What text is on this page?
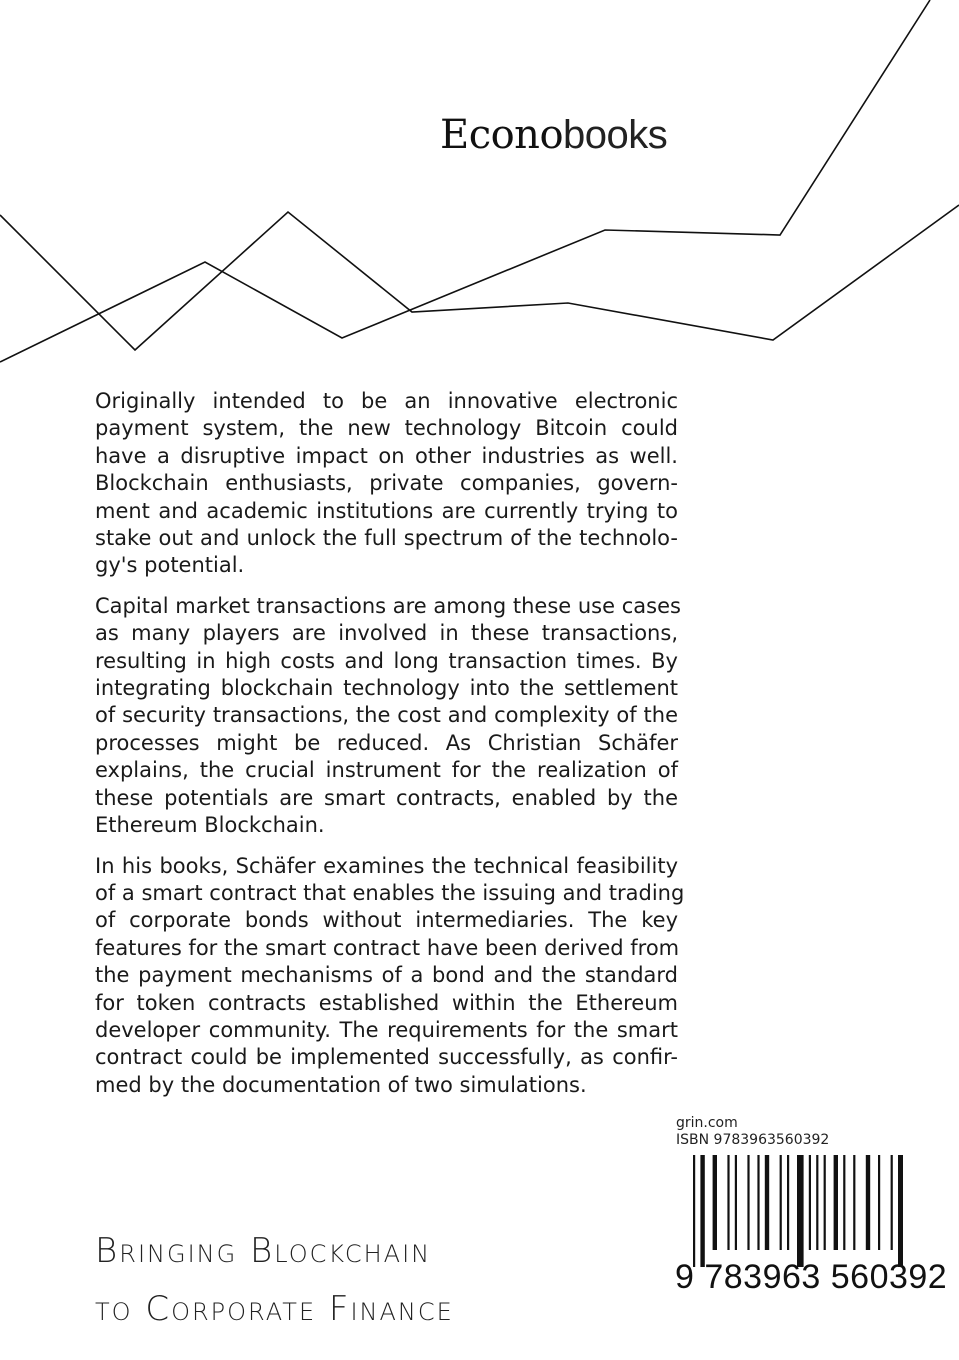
Econobooks
Originally intended to be an innovative electronic
payment system, the new technology Bitcoin could
have a disruptive impact on other industries as well.
Blockchain enthusiasts, private companies, govern-
ment and academic institutions are currently trying to
stake out and unlock the full spectrum of the technolo-
gy's potential.
Capital market transactions are among these use cases
as many players are involved in these transactions,
resulting in high costs and long transaction times. By
integrating blockchain technology into the settlement
of security transactions, the cost and complexity of the
processes might be reduced. As Christian Schäfer
explains, the crucial instrument for the realization of
these potentials are smart contracts, enabled by the
Ethereum Blockchain.
In his books, Schäfer examines the technical feasibility
of a smart contract that enables the issuing and trading
of corporate bonds without intermediaries. The key
features for the smart contract have been derived from
the payment mechanisms of a bond and the standard
for token contracts established within the Ethereum
developer community. The requirements for the smart
contract could be implemented successfully, as confir-
med by the documentation of two simulations.
grin.com
ISBN 9783963560392
9 783963 560392
Bringing Blockchain
to Corporate Finance
